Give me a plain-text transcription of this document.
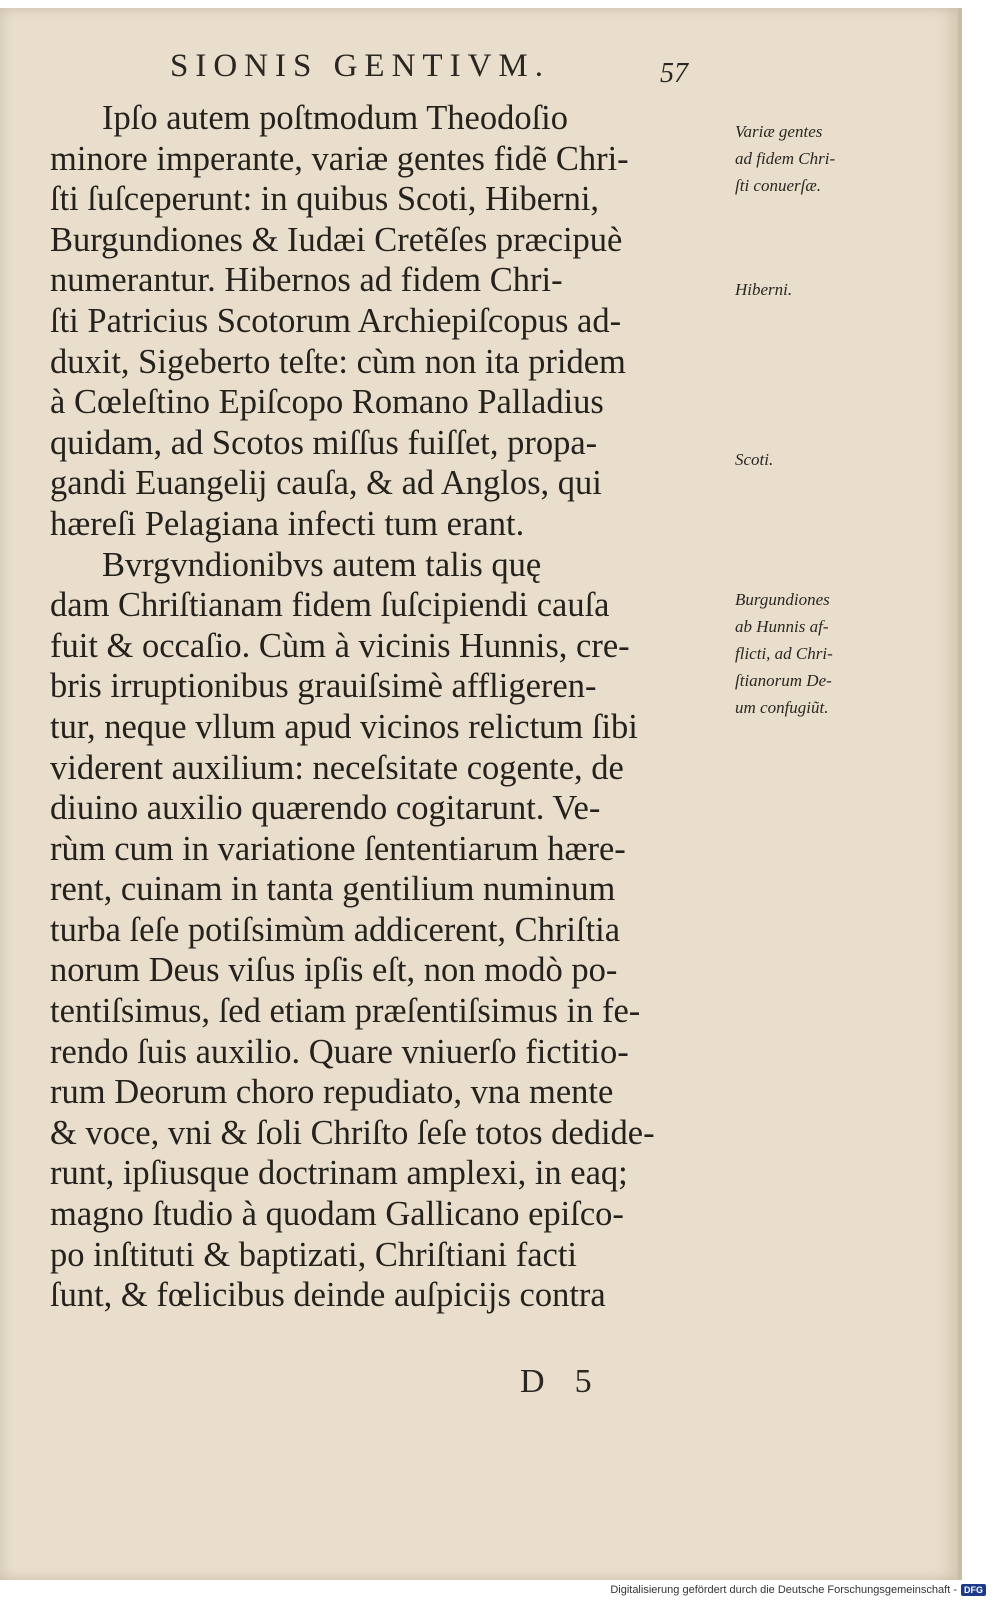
SIONIS GENTIVM.	57
Ipſo autem poſtmodum Theodoſio
minore imperante, variæ gentes fidẽ Chri-
ſti ſuſceperunt: in quibus Scoti, Hiberni,
Burgundiones & Iudæi Cretẽſes præcipuè
numerantur. Hibernos ad fidem Chri-
ſti Patricius Scotorum Archiepiſcopus ad-
duxit, Sigeberto teſte: cùm non ita pridem
à Cœleſtino Epiſcopo Romano Palladius
quidam, ad Scotos miſſus fuiſſet, propa-
gandi Euangelij cauſa, & ad Anglos, qui
hæreſi Pelagiana infecti tum erant.
Bvrgvndionibvs autem talis quę
dam Chriſtianam fidem ſuſcipiendi cauſa
fuit & occaſio. Cùm à vicinis Hunnis, cre-
bris irruptionibus grauiſsimè affligeren-
tur, neque vllum apud vicinos relictum ſibi
viderent auxilium: neceſsitate cogente, de
diuino auxilio quærendo cogitarunt. Ve-
rùm cum in variatione ſententiarum hære-
rent, cuinam in tanta gentilium numinum
turba ſeſe potiſsimùm addicerent, Chriſtia
norum Deus viſus ipſis eſt, non modò po-
tentiſsimus, ſed etiam præſentiſsimus in fe-
rendo ſuis auxilio. Quare vniuerſo fictitio-
rum Deorum choro repudiato, vna mente
& voce, vni & ſoli Chriſto ſeſe totos dedide-
runt, ipſiusque doctrinam amplexi, in eaq;
magno ſtudio à quodam Gallicano epiſco-
po inſtituti & baptizati, Chriſtiani facti
ſunt, & fœlicibus deinde auſpicijs contra
Variæ gentes
ad fidem Chri-
ſti conuerſæ.
Hiberni.
Scoti.
Burgundiones
ab Hunnis af-
flicti, ad Chri-
ſtianorum De-
um confugiũt.
D 5
Digitalisierung gefördert durch die Deutsche Forschungsgemeinschaft - DFG
